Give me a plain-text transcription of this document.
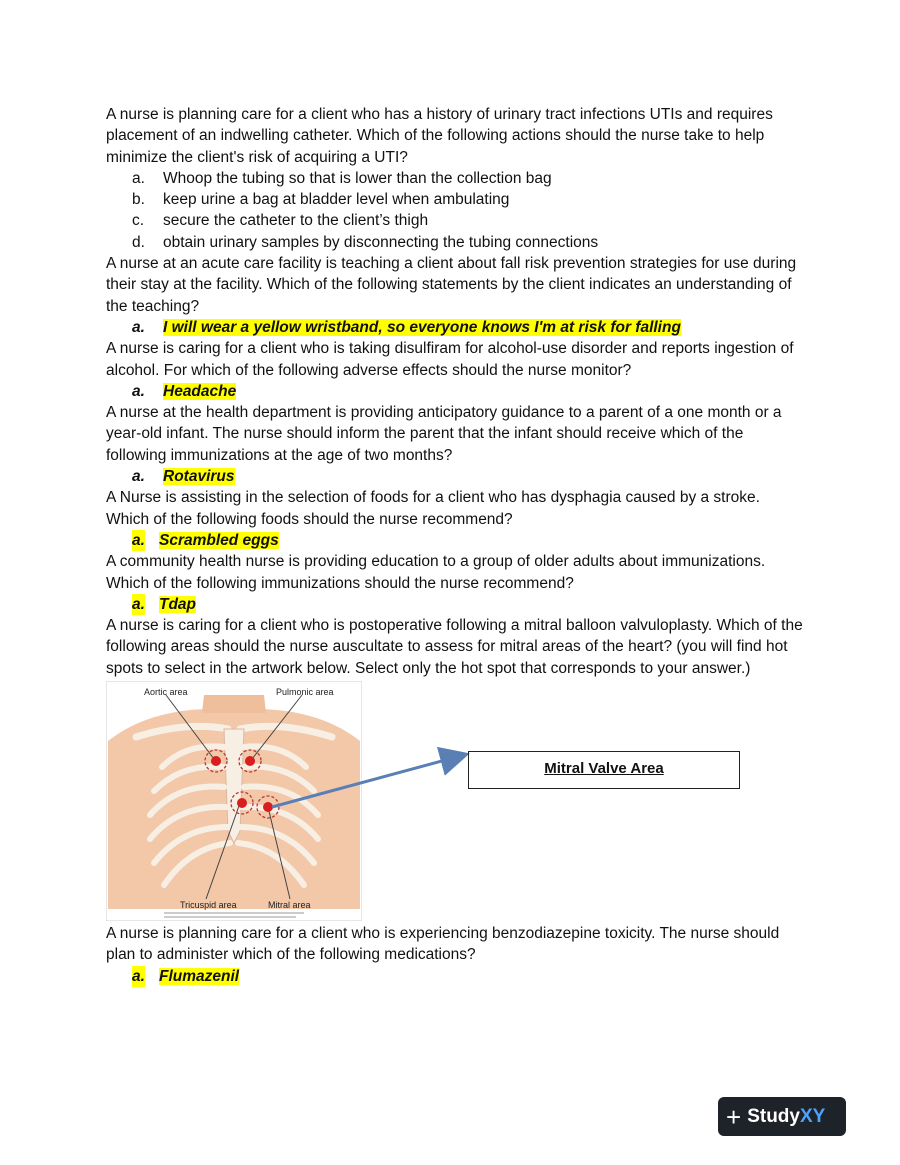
A nurse is planning care for a client who has a history of urinary tract infections UTIs and requires placement of an indwelling catheter. Which of the following actions should the nurse take to help minimize the client's risk of acquiring a UTI?

a. Whoop the tubing so that is lower than the collection bag

b. keep urine a bag at bladder level when ambulating

c. secure the catheter to the client’s thigh

d. obtain urinary samples by disconnecting the tubing connections

A nurse at an acute care facility is teaching a client about fall risk prevention strategies for use during their stay at the facility. Which of the following statements by the client indicates an understanding of the teaching?

a. I will wear a yellow wristband, so everyone knows I'm at risk for falling

A nurse is caring for a client who is taking disulfiram for alcohol-use disorder and reports ingestion of alcohol. For which of the following adverse effects should the nurse monitor?

a. Headache

A nurse at the health department is providing anticipatory guidance to a parent of a one month or a year-old infant. The nurse should inform the parent that the infant should receive which of the following immunizations at the age of two months?

a. Rotavirus

A Nurse is assisting in the selection of foods for a client who has dysphagia caused by a stroke. Which of the following foods should the nurse recommend?

a. Scrambled eggs

A community health nurse is providing education to a group of older adults about immunizations. Which of the following immunizations should the nurse recommend?

a. Tdap

A nurse is caring for a client who is postoperative following a mitral balloon valvuloplasty. Which of the following areas should the nurse auscultate to assess for mitral areas of the heart? (you will find hot spots to select in the artwork below. Select only the hot spot that corresponds to your answer.)

Aortic area	Pulmonic area
Tricuspid area	Mitral area
Mitral Valve Area

A nurse is planning care for a client who is experiencing benzodiazepine toxicity. The nurse should plan to administer which of the following medications?

a. Flumazenil

+ Study XY
